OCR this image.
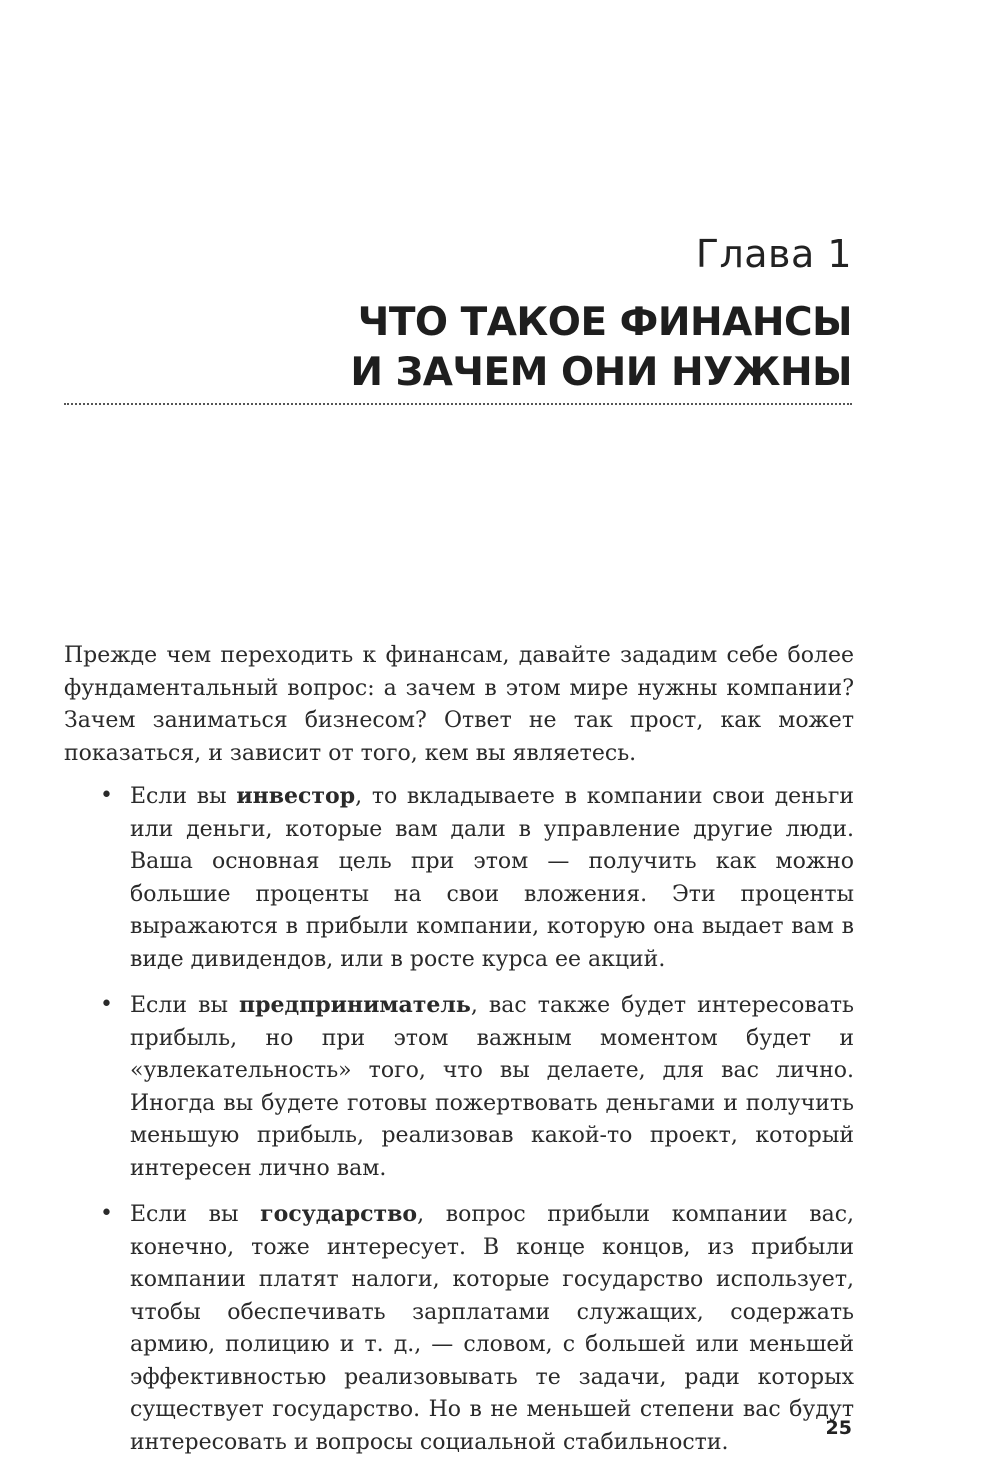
Глава 1
ЧТО ТАКОЕ ФИНАНСЫ
И ЗАЧЕМ ОНИ НУЖНЫ

Прежде чем переходить к финансам, давайте зададим себе более фундаментальный вопрос: а зачем в этом мире нужны компании? Зачем заниматься бизнесом? Ответ не так прост, как может показаться, и зависит от того, кем вы являетесь.

• Если вы инвестор, то вкладываете в компании свои деньги или деньги, которые вам дали в управление другие люди. Ваша основная цель при этом — получить как можно большие проценты на свои вложения. Эти проценты выражаются в прибыли компании, которую она выдает вам в виде дивидендов, или в росте курса ее акций.
• Если вы предприниматель, вас также будет интересовать прибыль, но при этом важным моментом будет и «увлекательность» того, что вы делаете, для вас лично. Иногда вы будете готовы пожертвовать деньгами и получить меньшую прибыль, реализовав какой-то проект, который интересен лично вам.
• Если вы государство, вопрос прибыли компании вас, конечно, тоже интересует. В конце концов, из прибыли компании платят налоги, которые государство использует, чтобы обеспечивать зарплатами служащих, содержать армию, полицию и т. д., — словом, с большей или меньшей эффективностью реализовывать те задачи, ради которых существует государство. Но в не меньшей степени вас будут интересовать и вопросы социальной стабильности.

25
